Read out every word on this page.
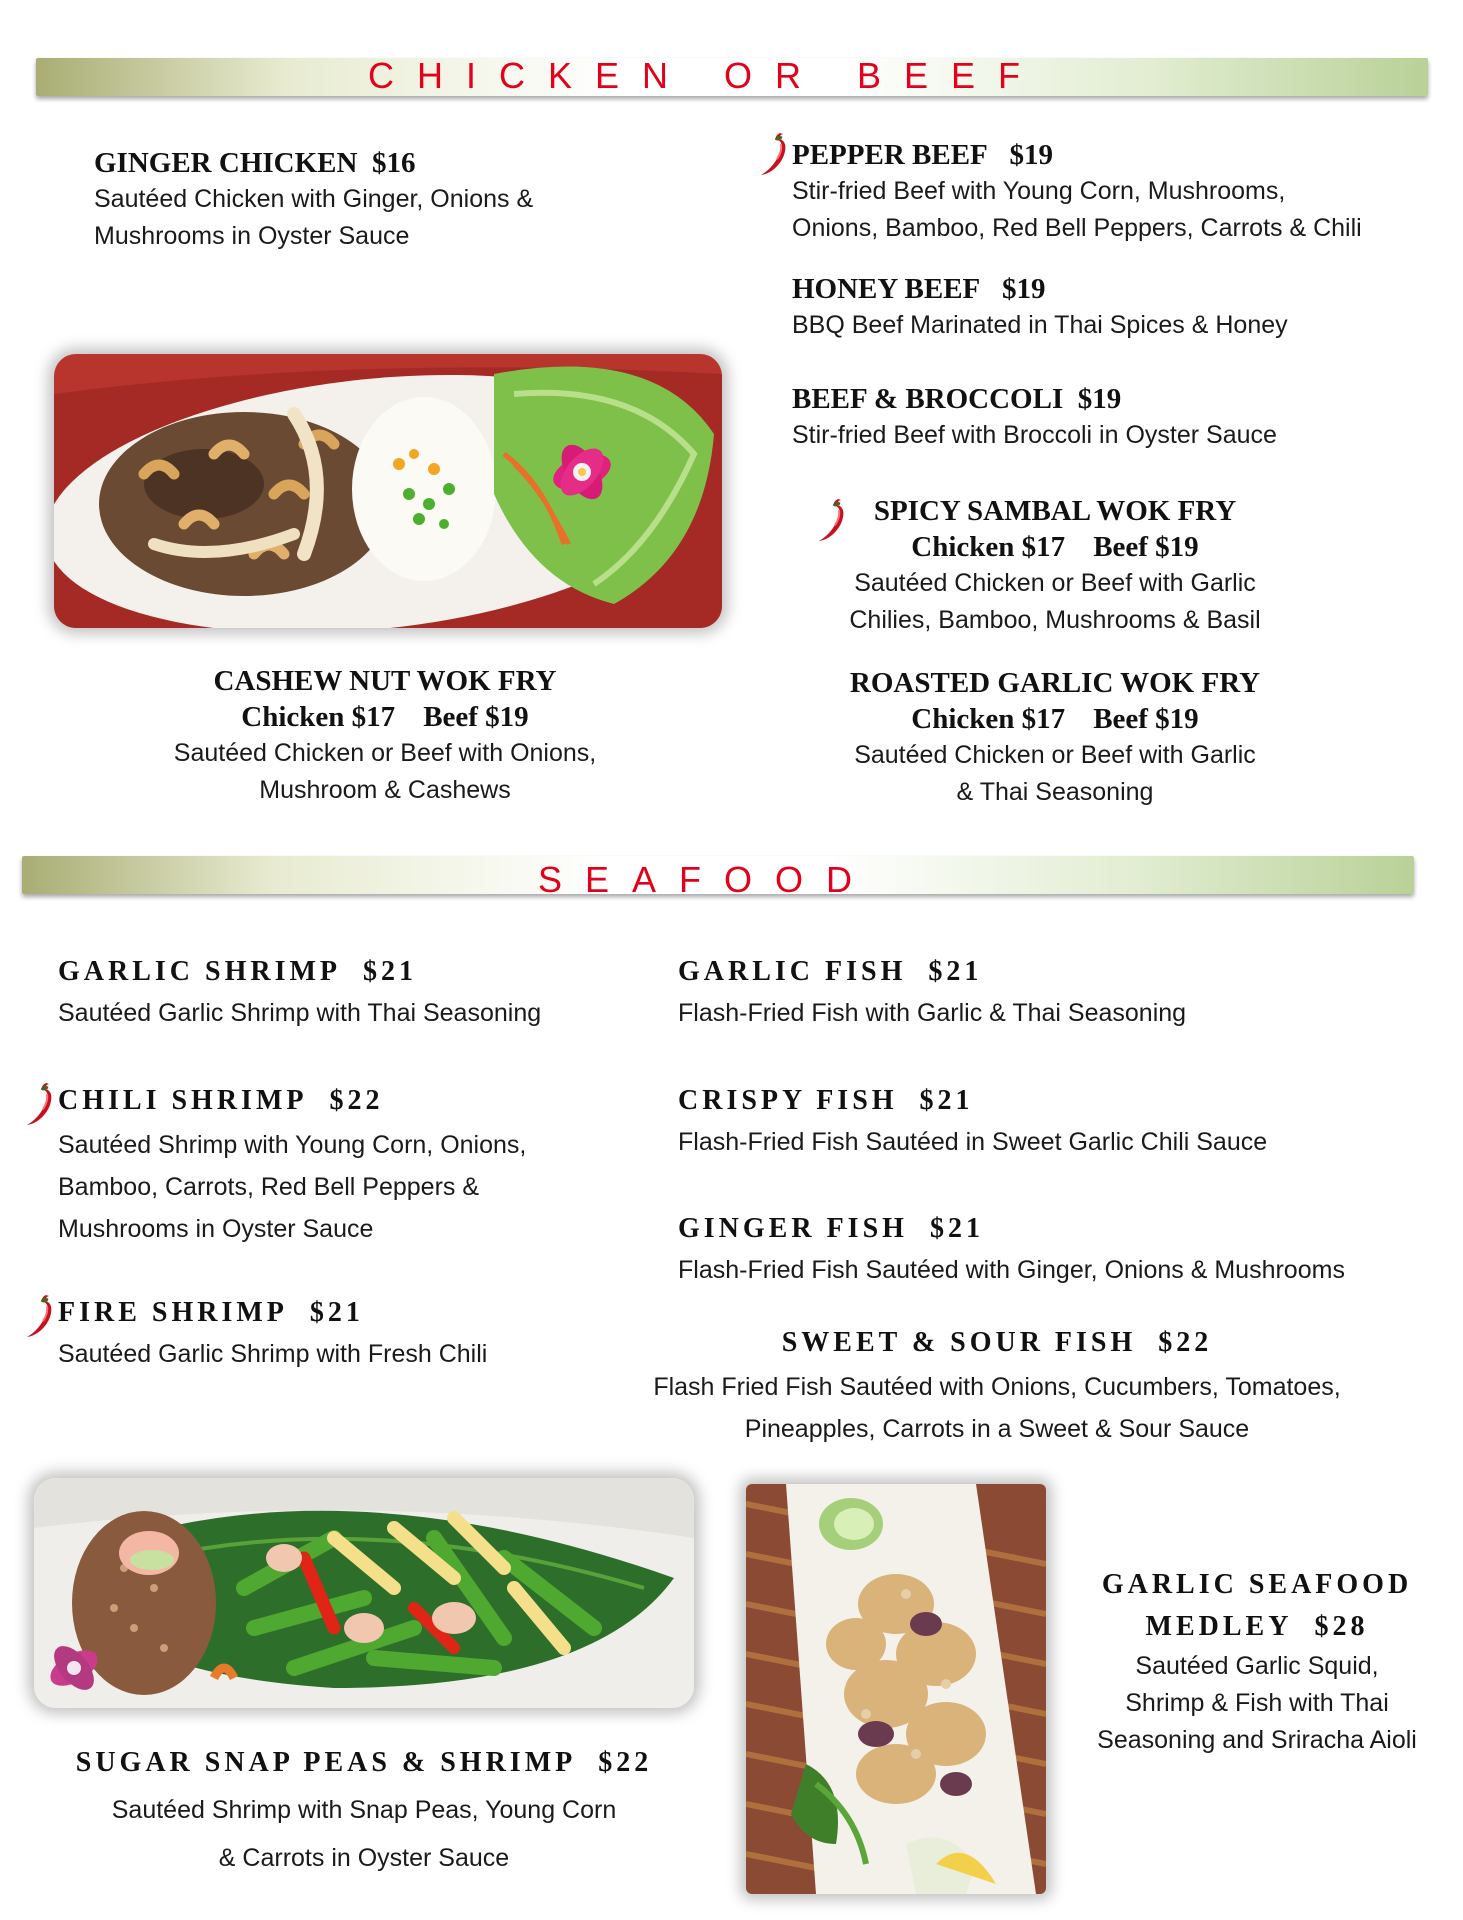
CHICKEN OR BEEF
GINGER CHICKEN $16
Sautéed Chicken with Ginger, Onions &
Mushrooms in Oyster Sauce
PEPPER BEEF $19
Stir-fried Beef with Young Corn, Mushrooms,
Onions, Bamboo, Red Bell Peppers, Carrots & Chili
HONEY BEEF $19
BBQ Beef Marinated in Thai Spices & Honey
BEEF & BROCCOLI $19
Stir-fried Beef with Broccoli in Oyster Sauce
SPICY SAMBAL WOK FRY
Chicken $17 Beef $19
Sautéed Chicken or Beef with Garlic
Chilies, Bamboo, Mushrooms & Basil
CASHEW NUT WOK FRY
Chicken $17 Beef $19
Sautéed Chicken or Beef with Onions,
Mushroom & Cashews
ROASTED GARLIC WOK FRY
Chicken $17 Beef $19
Sautéed Chicken or Beef with Garlic
& Thai Seasoning
SEAFOOD
GARLIC SHRIMP $21
Sautéed Garlic Shrimp with Thai Seasoning
CHILI SHRIMP $22
Sautéed Shrimp with Young Corn, Onions,
Bamboo, Carrots, Red Bell Peppers &
Mushrooms in Oyster Sauce
FIRE SHRIMP $21
Sautéed Garlic Shrimp with Fresh Chili
GARLIC FISH $21
Flash-Fried Fish with Garlic & Thai Seasoning
CRISPY FISH $21
Flash-Fried Fish Sautéed in Sweet Garlic Chili Sauce
GINGER FISH $21
Flash-Fried Fish Sautéed with Ginger, Onions & Mushrooms
SWEET & SOUR FISH $22
Flash Fried Fish Sautéed with Onions, Cucumbers, Tomatoes,
Pineapples, Carrots in a Sweet & Sour Sauce
SUGAR SNAP PEAS & SHRIMP $22
Sautéed Shrimp with Snap Peas, Young Corn
& Carrots in Oyster Sauce
GARLIC SEAFOOD
MEDLEY $28
Sautéed Garlic Squid,
Shrimp & Fish with Thai
Seasoning and Sriracha Aioli
